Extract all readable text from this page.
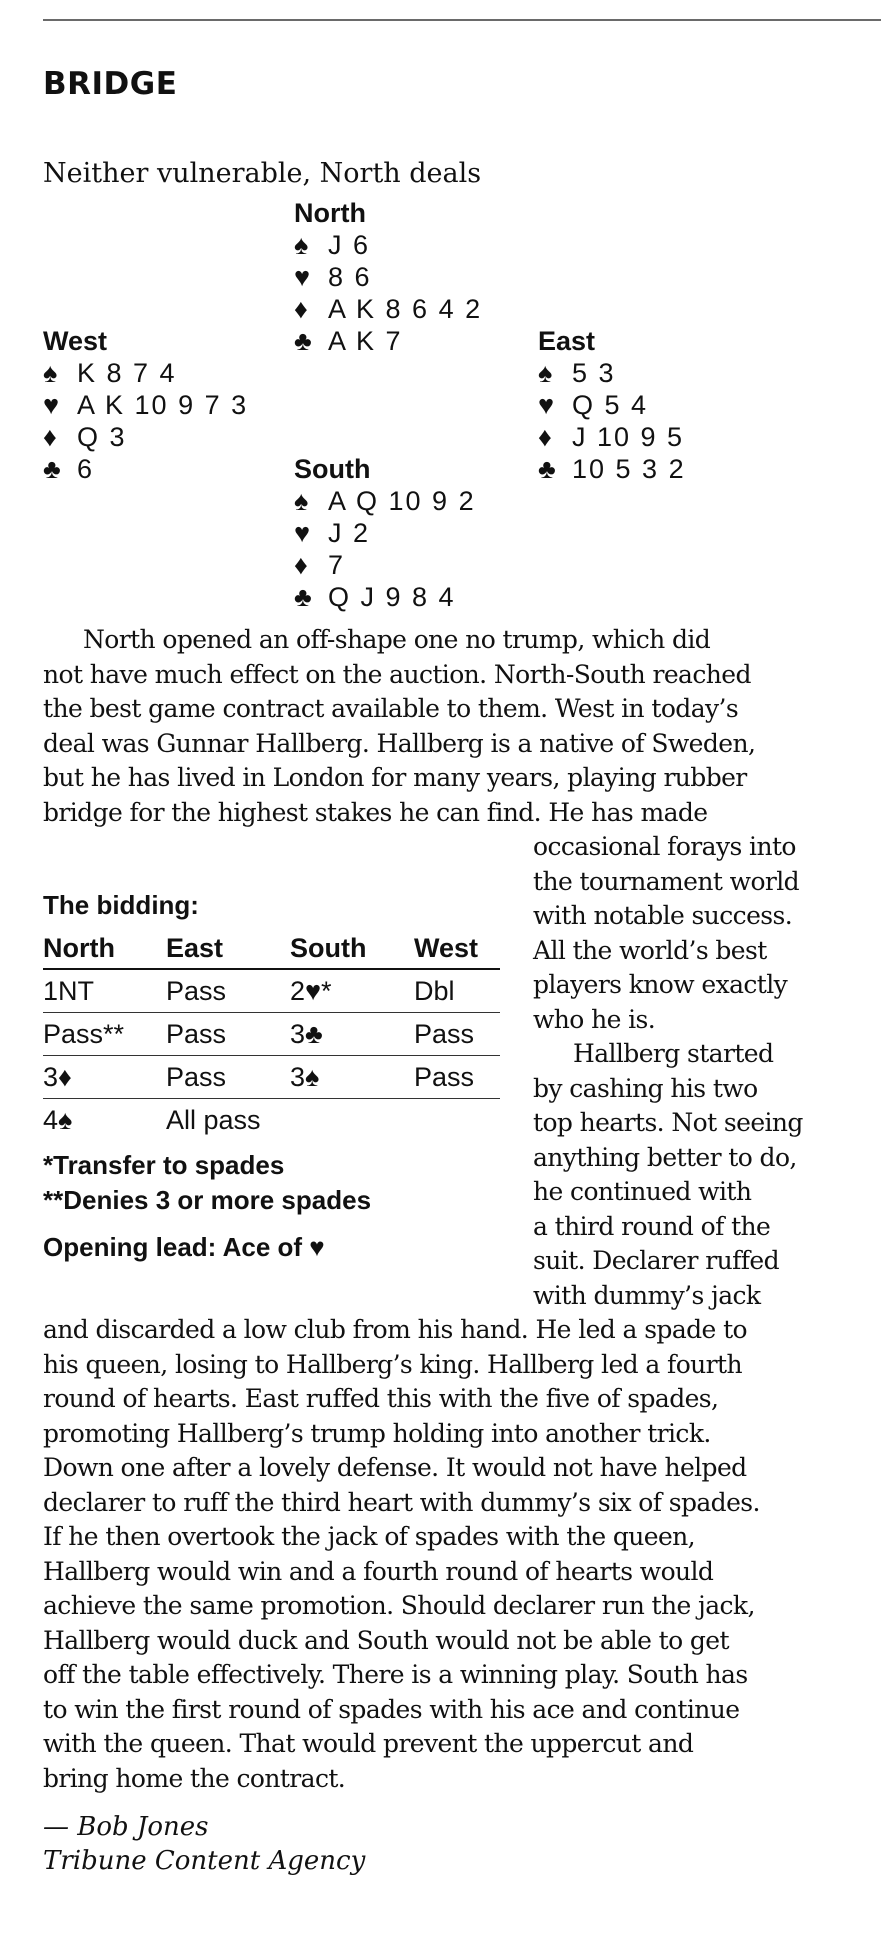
BRIDGE
Neither vulnerable, North deals
North
♠ J 6
♥ 8 6
♦ A K 8 6 4 2
♣ A K 7
West
♠ K 8 7 4
♥ A K 10 9 7 3
♦ Q 3
♣ 6
East
♠ 5 3
♥ Q 5 4
♦ J 10 9 5
♣ 10 5 3 2
South
♠ A Q 10 9 2
♥ J 2
♦ 7
♣ Q J 9 8 4
North opened an off-shape one no trump, which did
not have much effect on the auction. North-South reached
the best game contract available to them. West in today’s
deal was Gunnar Hallberg. Hallberg is a native of Sweden,
but he has lived in London for many years, playing rubber
bridge for the highest stakes he can find. He has made
occasional forays into
the tournament world
with notable success.
All the world’s best
players know exactly
who he is.
Hallberg started
by cashing his two
top hearts. Not seeing
anything better to do,
he continued with
a third round of the
suit. Declarer ruffed
with dummy’s jack
The bidding:
North	East	South	West
1NT	Pass	2♥*	Dbl
Pass**	Pass	3♣	Pass
3♦	Pass	3♠	Pass
4♠	All pass		
*Transfer to spades
**Denies 3 or more spades
Opening lead: Ace of ♥
and discarded a low club from his hand. He led a spade to
his queen, losing to Hallberg’s king. Hallberg led a fourth
round of hearts. East ruffed this with the five of spades,
promoting Hallberg’s trump holding into another trick.
Down one after a lovely defense. It would not have helped
declarer to ruff the third heart with dummy’s six of spades.
If he then overtook the jack of spades with the queen,
Hallberg would win and a fourth round of hearts would
achieve the same promotion. Should declarer run the jack,
Hallberg would duck and South would not be able to get
off the table effectively. There is a winning play. South has
to win the first round of spades with his ace and continue
with the queen. That would prevent the uppercut and
bring home the contract.
— Bob Jones
Tribune Content Agency
